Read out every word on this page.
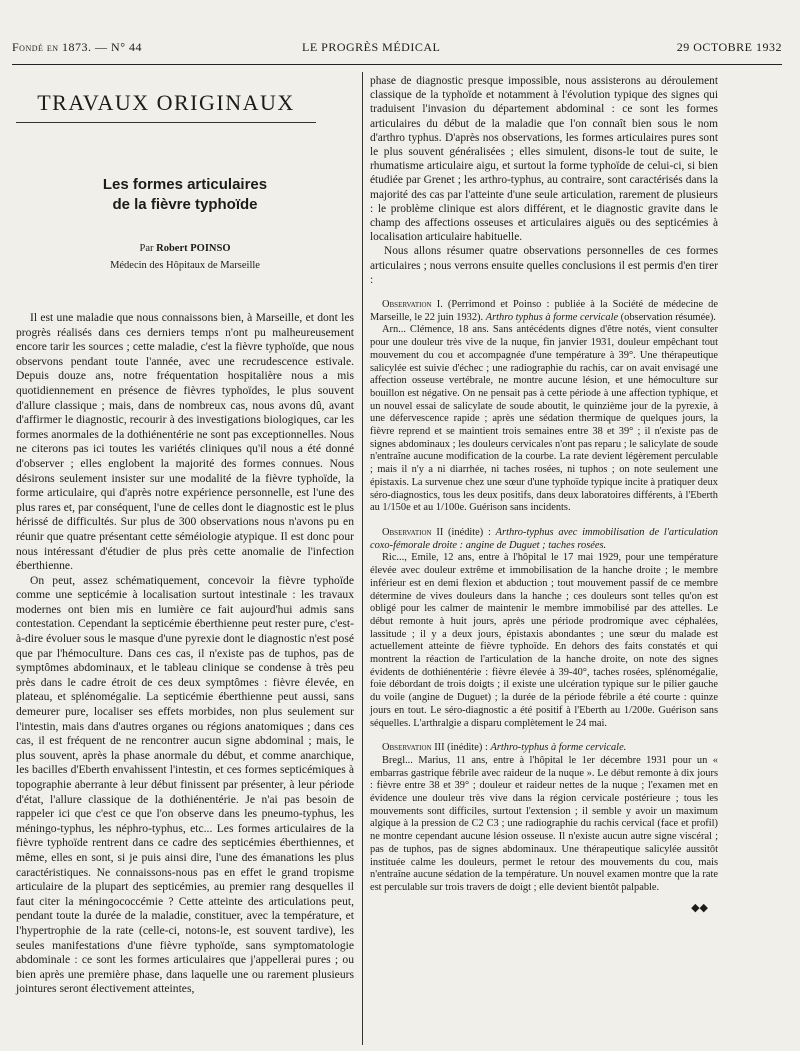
Fondé en 1873. — N° 44	LE PROGRÈS MÉDICAL	29 OCTOBRE 1932
TRAVAUX ORIGINAUX
Les formes articulaires
de la fièvre typhoïde
Par Robert POINSO
Médecin des Hôpitaux de Marseille

Il est une maladie que nous connaissons bien, à Marseille, et dont les progrès réalisés dans ces derniers temps n'ont pu malheureusement encore tarir les sources ; cette maladie, c'est la fièvre typhoïde, que nous observons pendant toute l'année, avec une recrudescence estivale. Depuis douze ans, notre fréquentation hospitalière nous a mis quotidiennement en présence de fièvres typhoïdes, le plus souvent d'allure classique ; mais, dans de nombreux cas, nous avons dû, avant d'affirmer le diagnostic, recourir à des investigations biologiques, car les formes anormales de la dothiénentérie ne sont pas exceptionnelles. Nous ne citerons pas ici toutes les variétés cliniques qu'il nous a été donné d'observer ; elles englobent la majorité des formes connues. Nous désirons seulement insister sur une modalité de la fièvre typhoïde, la forme articulaire, qui d'après notre expérience personnelle, est l'une des plus rares et, par conséquent, l'une de celles dont le diagnostic est le plus hérissé de difficultés. Sur plus de 300 observations nous n'avons pu en réunir que quatre présentant cette séméiologie atypique. Il est donc pour nous intéressant d'étudier de plus près cette anomalie de l'infection éberthienne.

On peut, assez schématiquement, concevoir la fièvre typhoïde comme une septicémie à localisation surtout intestinale : les travaux modernes ont bien mis en lumière ce fait aujourd'hui admis sans contestation. Cependant la septicémie éberthienne peut rester pure, c'est-à-dire évoluer sous le masque d'une pyrexie dont le diagnostic n'est posé que par l'hémoculture. Dans ces cas, il n'existe pas de tuphos, pas de symptômes abdominaux, et le tableau clinique se condense à très peu près dans le cadre étroit de ces deux symptômes : fièvre élevée, en plateau, et splénomégalie. La septicémie éberthienne peut aussi, sans demeurer pure, localiser ses effets morbides, non plus seulement sur l'intestin, mais dans d'autres organes ou régions anatomiques ; dans ces cas, il est fréquent de ne rencontrer aucun signe abdominal ; mais, le plus souvent, après la phase anormale du début, et comme anarchique, les bacilles d'Eberth envahissent l'intestin, et ces formes septicémiques à topographie aberrante à leur début finissent par présenter, à leur période d'état, l'allure classique de la dothiénentérie. Je n'ai pas besoin de rappeler ici que c'est ce que l'on observe dans les pneumo-typhus, les méningo-typhus, les néphro-typhus, etc... Les formes articulaires de la fièvre typhoïde rentrent dans ce cadre des septicémies éberthiennes, et même, elles en sont, si je puis ainsi dire, l'une des émanations les plus caractéristiques. Ne connaissons-nous pas en effet le grand tropisme articulaire de la plupart des septicémies, au premier rang desquelles il faut citer la méningococcémie ? Cette atteinte des articulations peut, pendant toute la durée de la maladie, constituer, avec la température, et l'hypertrophie de la rate (celle-ci, notons-le, est souvent tardive), les seules manifestations d'une fièvre typhoïde, sans symptomatologie abdominale : ce sont les formes articulaires que j'appellerai pures ; ou bien après une première phase, dans laquelle une ou rarement plusieurs jointures seront électivement atteintes,

phase de diagnostic presque impossible, nous assisterons au déroulement classique de la typhoïde et notamment à l'évolution typique des signes qui traduisent l'invasion du département abdominal : ce sont les formes articulaires du début de la maladie que l'on connaît bien sous le nom d'arthro typhus. D'après nos observations, les formes articulaires pures sont le plus souvent généralisées ; elles simulent, disons-le tout de suite, le rhumatisme articulaire aigu, et surtout la forme typhoïde de celui-ci, si bien étudiée par Grenet ; les arthro-typhus, au contraire, sont caractérisés dans la majorité des cas par l'atteinte d'une seule articulation, rarement de plusieurs : le problème clinique est alors différent, et le diagnostic gravite dans le champ des affections osseuses et articulaires aiguës ou des septicémies à localisation articulaire habituelle.

Nous allons résumer quatre observations personnelles de ces formes articulaires ; nous verrons ensuite quelles conclusions il est permis d'en tirer :

Observation I. (Perrimond et Poinso : publiée à la Société de médecine de Marseille, le 22 juin 1932). Arthro typhus à forme cervicale (observation résumée).

Arn... Clémence, 18 ans. Sans antécédents dignes d'être notés, vient consulter pour une douleur très vive de la nuque, fin janvier 1931, douleur empêchant tout mouvement du cou et accompagnée d'une température à 39°. Une thérapeutique salicylée est suivie d'échec ; une radiographie du rachis, car on avait envisagé une affection osseuse vertébrale, ne montre aucune lésion, et une hémoculture sur bouillon est négative. On ne pensait pas à cette période à une affection typhique, et un nouvel essai de salicylate de soude aboutit, le quinzième jour de la pyrexie, à une défervescence rapide ; après une sédation thermique de quelques jours, la fièvre reprend et se maintient trois semaines entre 38 et 39° ; il n'existe pas de signes abdominaux ; les douleurs cervicales n'ont pas reparu ; le salicylate de soude n'entraîne aucune modification de la courbe. La rate devient légèrement perculable ; mais il n'y a ni diarrhée, ni taches rosées, ni tuphos ; on note seulement une épistaxis. La survenue chez une sœur d'une typhoïde typique incite à pratiquer deux séro-diagnostics, tous les deux positifs, dans deux laboratoires différents, à l'Eberth au 1/150e et au 1/100e. Guérison sans incidents.

Observation II (inédite) : Arthro-typhus avec immobilisation de l'articulation coxo-fémorale droite : angine de Duguet ; taches rosées.

Ric..., Emile, 12 ans, entre à l'hôpital le 17 mai 1929, pour une température élevée avec douleur extrême et immobilisation de la hanche droite ; le membre inférieur est en demi flexion et abduction ; tout mouvement passif de ce membre détermine de vives douleurs dans la hanche ; ces douleurs sont telles qu'on est obligé pour les calmer de maintenir le membre immobilisé par des attelles. Le début remonte à huit jours, après une période prodromique avec céphalées, lassitude ; il y a deux jours, épistaxis abondantes ; une sœur du malade est actuellement atteinte de fièvre typhoïde. En dehors des faits constatés et qui montrent la réaction de l'articulation de la hanche droite, on note des signes évidents de dothiénentérie : fièvre élevée à 39-40°, taches rosées, splénomégalie, foie débordant de trois doigts ; il existe une ulcération typique sur le pilier gauche du voile (angine de Duguet) ; la durée de la période fébrile a été courte : quinze jours en tout. Le séro-diagnostic a été positif à l'Eberth au 1/200e. Guérison sans séquelles. L'arthralgie a disparu complètement le 24 mai.

Observation III (inédite) : Arthro-typhus à forme cervicale.

Bregl... Marius, 11 ans, entre à l'hôpital le 1er décembre 1931 pour un « embarras gastrique fébrile avec raideur de la nuque ». Le début remonte à dix jours : fièvre entre 38 et 39° ; douleur et raideur nettes de la nuque ; l'examen met en évidence une douleur très vive dans la région cervicale postérieure ; tous les mouvements sont difficiles, surtout l'extension ; il semble y avoir un maximum algique à la pression de C2 C3 ; une radiographie du rachis cervical (face et profil) ne montre cependant aucune lésion osseuse. Il n'existe aucun autre signe viscéral ; pas de tuphos, pas de signes abdominaux. Une thérapeutique salicylée aussitôt instituée calme les douleurs, permet le retour des mouvements du cou, mais n'entraîne aucune sédation de la température. Un nouvel examen montre que la rate est perculable sur trois travers de doigt ; elle devient bientôt palpable.

◆◆
